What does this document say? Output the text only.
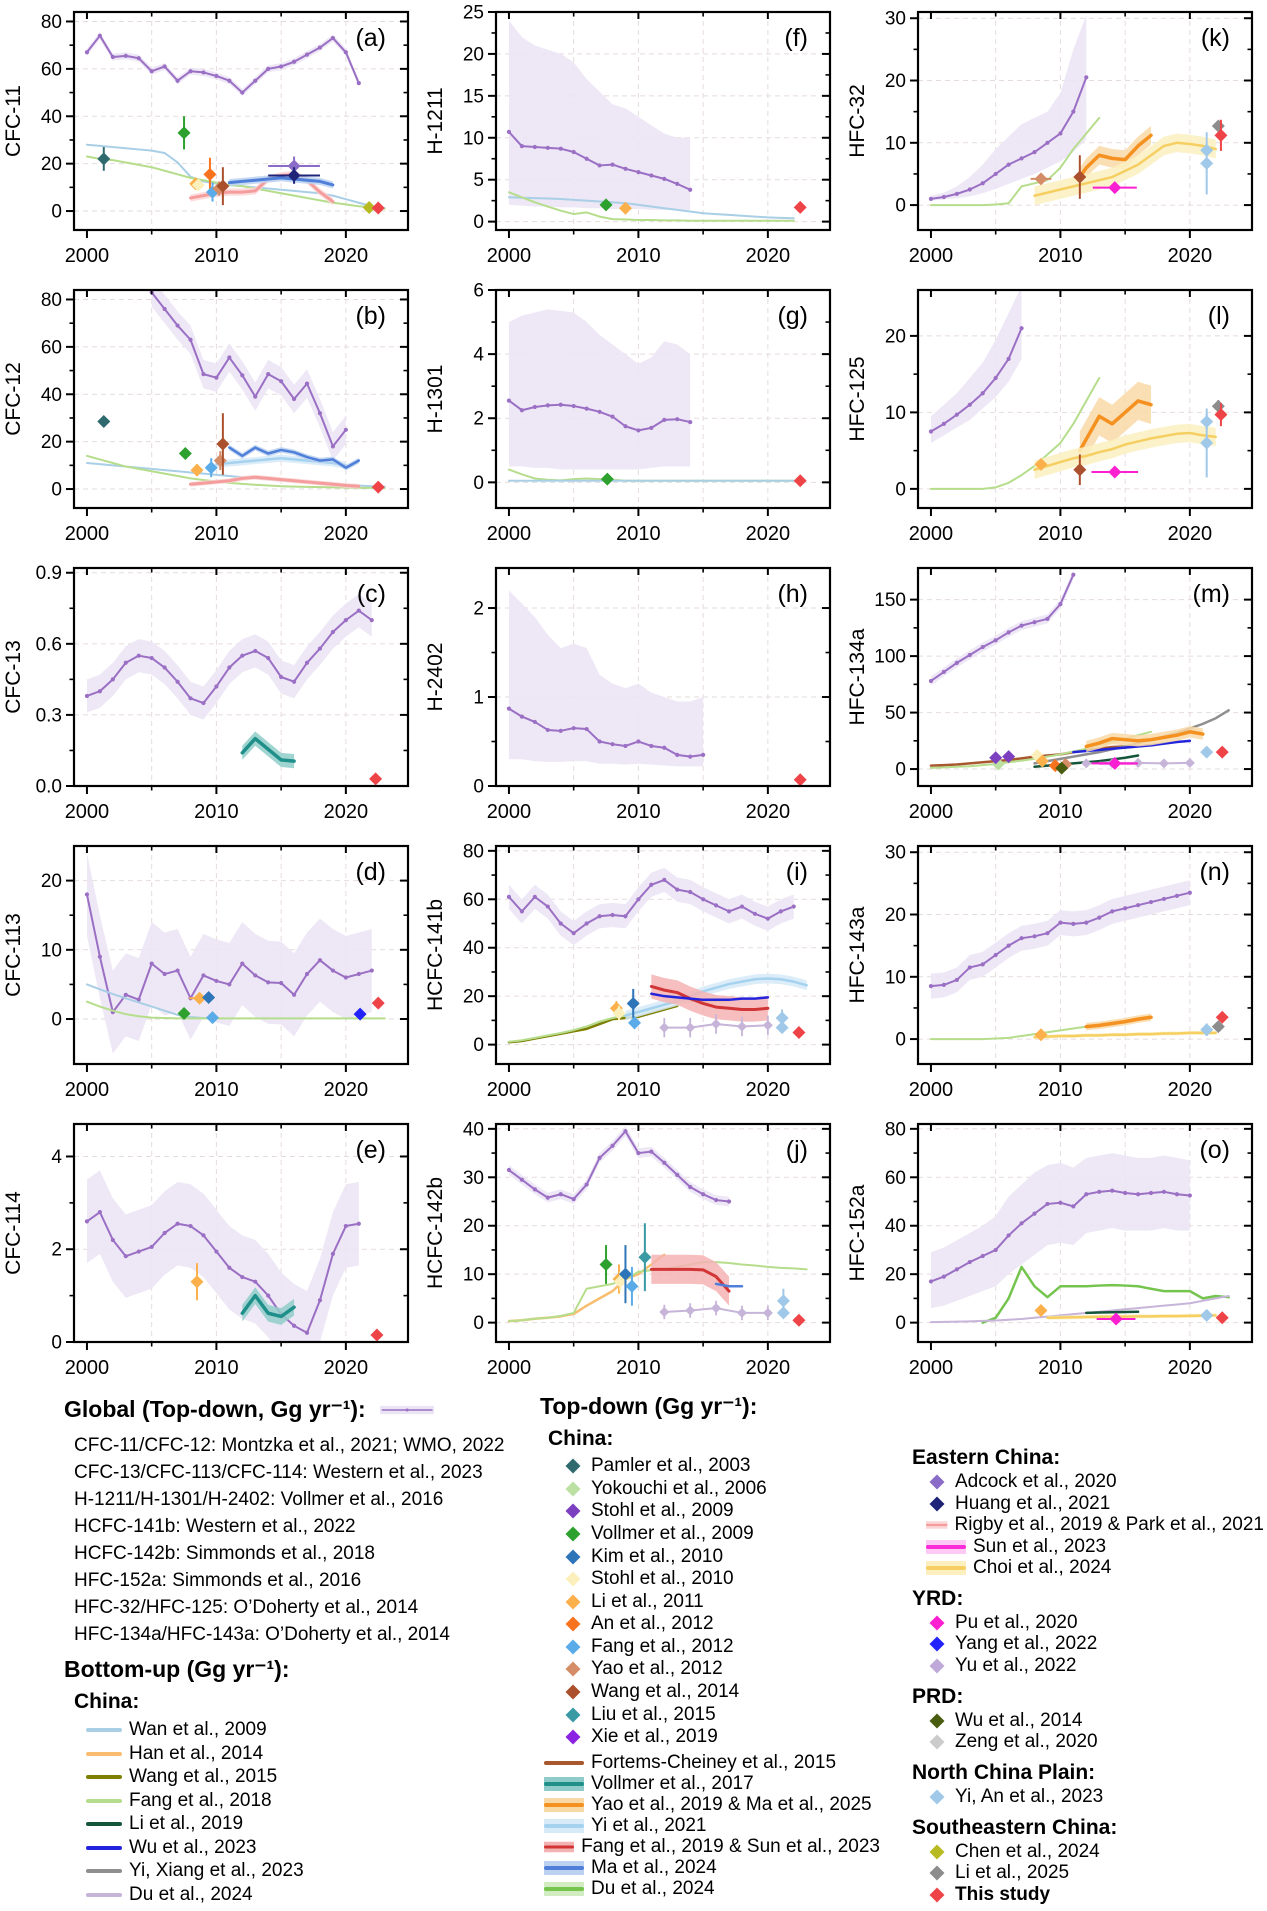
0
20
40
60
80
2000	2010	2020
(a)
CFC-11
0
20
40
60
80
2000	2010	2020
(b)
CFC-12
0.0
0.3
0.6
0.9
2000	2010	2020
(c)
CFC-13
0
10
20
2000	2010	2020
(d)
CFC-113
0
2
4
2000	2010	2020
(e)
CFC-114
0
5
10
15
20
25
2000	2010	2020
(f)
H-1211
0
2
4
6
2000	2010	2020
(g)
H-1301
0
1
2
2000	2010	2020
(h)
H-2402
0
20
40
60
80
2000	2010	2020
(i)
HCFC-141b
0
10
20
30
40
2000	2010	2020
(j)
HCFC-142b
0
10
20
30
2000	2010	2020
(k)
HFC-32
0
10
20
2000	2010	2020
(l)
HFC-125
0
50
100
150
2000	2010	2020
(m)
HFC-134a
0
10
20
30
2000	2010	2020
(n)
HFC-143a
0
20
40
60
80
2000	2010	2020
(o)
HFC-152a
Global (Top-down, Gg yr⁻¹):
CFC-11/CFC-12: Montzka et al., 2021; WMO, 2022
CFC-13/CFC-113/CFC-114: Western et al., 2023
H-1211/H-1301/H-2402: Vollmer et al., 2016
HCFC-141b: Western et al., 2022
HCFC-142b: Simmonds et al., 2018
HFC-152a: Simmonds et al., 2016
HFC-32/HFC-125: O’Doherty et al., 2014
HFC-134a/HFC-143a: O’Doherty et al., 2014
Bottom-up (Gg yr⁻¹):
China:
Wan et al., 2009
Han et al., 2014
Wang et al., 2015
Fang et al., 2018
Li et al., 2019
Wu et al., 2023
Yi, Xiang et al., 2023
Du et al., 2024
Top-down (Gg yr⁻¹):
China:
Pamler et al., 2003
Yokouchi et al., 2006
Stohl et al., 2009
Vollmer et al., 2009
Kim et al., 2010
Stohl et al., 2010
Li et al., 2011
An et al., 2012
Fang et al., 2012
Yao et al., 2012
Wang et al., 2014
Liu et al., 2015
Xie et al., 2019
Fortems-Cheiney et al., 2015
Vollmer et al., 2017
Yao et al., 2019 & Ma et al., 2025
Yi et al., 2021
Fang et al., 2019 & Sun et al., 2023
Ma et al., 2024
Du et al., 2024
Eastern China:
Adcock et al., 2020
Huang et al., 2021
Rigby et al., 2019 & Park et al., 2021
Sun et al., 2023
Choi et al., 2024
YRD:
Pu et al., 2020
Yang et al., 2022
Yu et al., 2022
PRD:
Wu et al., 2014
Zeng et al., 2020
North China Plain:
Yi, An et al., 2023
Southeastern China:
Chen et al., 2024
Li et al., 2025
This study
